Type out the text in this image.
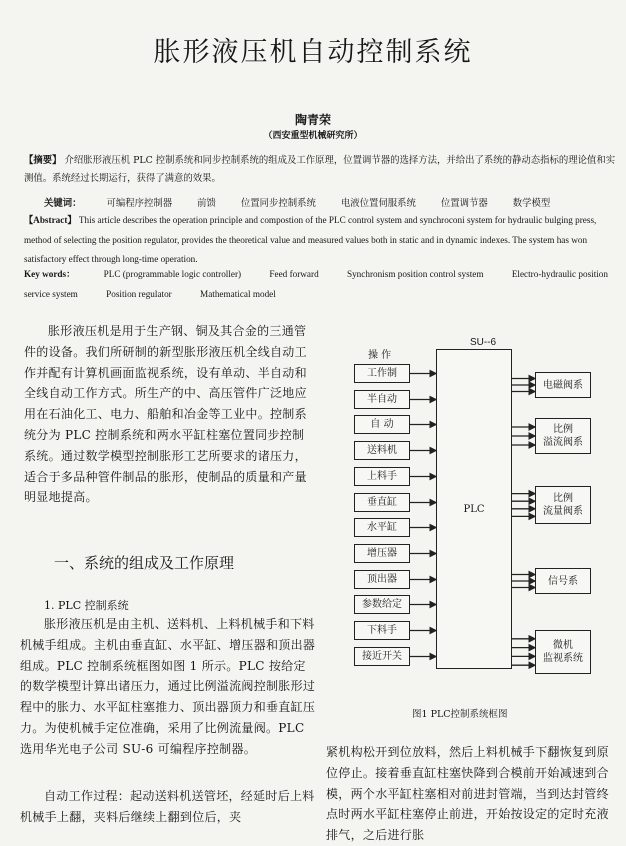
胀形液压机自动控制系统
陶青荣
（西安重型机械研究所）
【摘要】 介绍胀形液压机 PLC 控制系统和同步控制系统的组成及工作原理，位置调节器的选择方法，并给出了系统的静动态指标的理论值和实测值。系统经过长期运行，获得了满意的效果。
关键词：	可编程序控制器	前馈	位置同步控制系统	电液位置伺服系统	位置调节器	数学模型
【Abstract】 This article describes the operation principle and compostion of the PLC control system and synchroconi system for hydraulic bulging press, method of selecting the position regulator, provides the theoretical value and measured values both in static and in dynamic indexes. The system has won satisfactory effect through long-time operation.
Key words：	PLC (programmable logic controller)	Feed forward	Synchronism position control system	Electro-hydraulic position service system	Position regulator	Mathematical model
胀形液压机是用于生产钢、铜及其合金的三通管件的设备。我们所研制的新型胀形液压机全线自动工作并配有计算机画面监视系统，设有单动、半自动和全线自动工作方式。所生产的中、高压管件广泛地应用在石油化工、电力、船舶和冶金等工业中。控制系统分为 PLC 控制系统和两水平缸柱塞位置同步控制系统。通过数学模型控制胀形工艺所要求的诸压力，适合于多品种管件制品的胀形，使制品的质量和产量明显地提高。
一、系统的组成及工作原理
1. PLC 控制系统
胀形液压机是由主机、送料机、上料机械手和下料机械手组成。主机由垂直缸、水平缸、增压器和顶出器组成。PLC 控制系统框图如图 1 所示。PLC 按给定的数学模型计算出诸压力，通过比例溢流阀控制胀形过程中的胀力、水平缸柱塞推力、顶出器顶力和垂直缸压力。为使机械手定位准确，采用了比例流量阀。PLC 选用华光电子公司 SU-6 可编程序控制器。
自动工作过程：起动送料机送管坯，经延时后上料机械手上翻，夹料后继续上翻到位后，夹
紧机构松开到位放料，然后上料机械手下翻恢复到原位停止。接着垂直缸柱塞快降到合模前开始减速到合模，两个水平缸柱塞相对前进封管端，当到达封管终点时两水平缸柱塞停止前进，开始按设定的定时充液排气，之后进行胀
SU--6
操 作
PLC
工作制
半自动
自 动
送料机
上料手
垂直缸
水平缸
增压器
顶出器
参数给定
下料手
接近开关
电磁阀系
比例
溢流阀系
比例
流量阀系
信号系
微机
监视系统
图1 PLC控制系统框图
